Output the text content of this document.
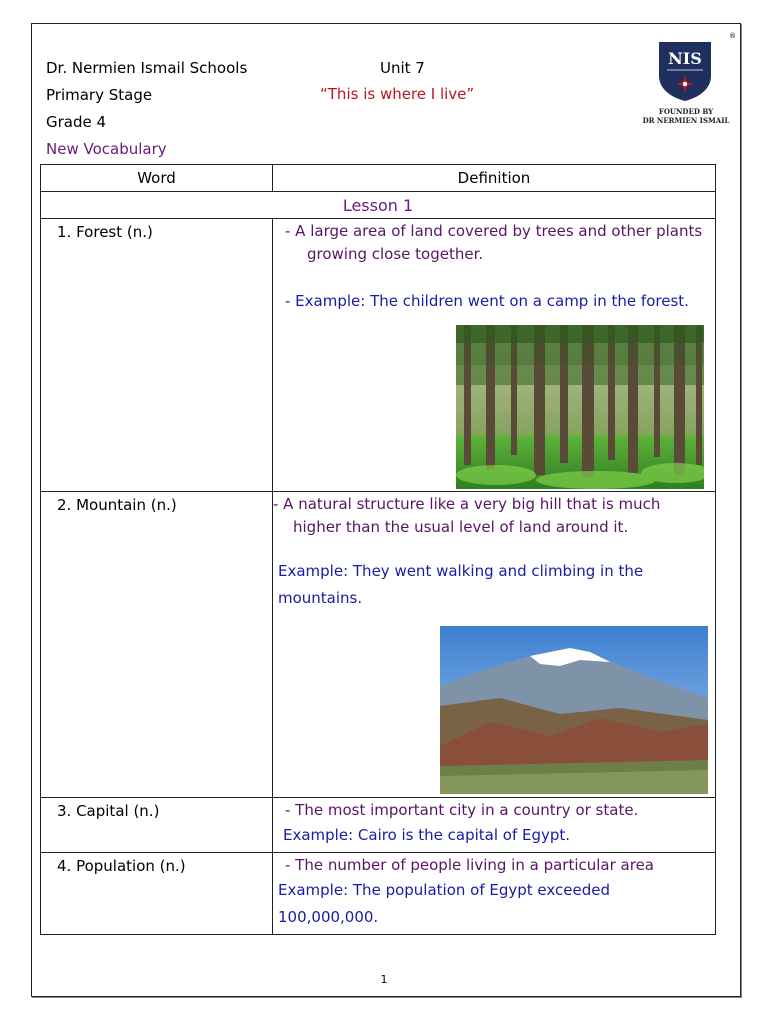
Dr. Nermien Ismail Schools
Primary Stage
Grade 4
Unit 7
“This is where I live”
NIS
®
FOUNDED BY
DR NERMIEN ISMAIL
New Vocabulary
Word	Definition
Lesson 1	

1. Forest (n.)	- A large area of land covered by trees and other plants growing close together.
- Example: The children went on a camp in the forest.

2. Mountain (n.)	- A natural structure like a very big hill that is much higher than the usual level of land around it.
Example: They went walking and climbing in the mountains.

3. Capital (n.)	- The most important city in a country or state.
Example: Cairo is the capital of Egypt.

4. Population (n.)	- The number of people living in a particular area
Example: The population of Egypt exceeded 100,000,000.
1
